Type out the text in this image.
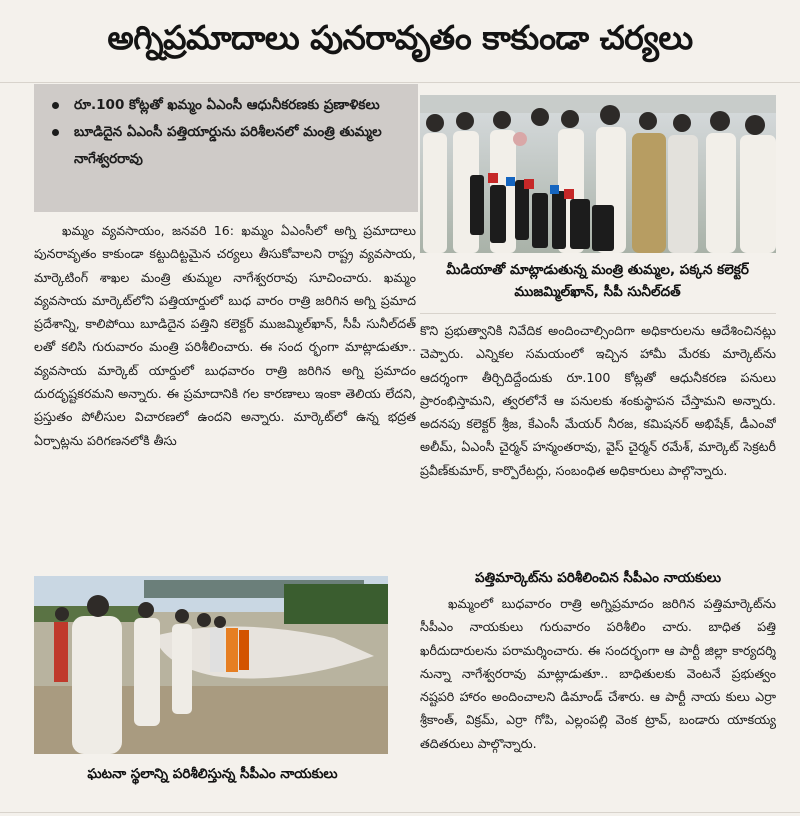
అగ్నిప్రమాదాలు పునరావృతం కాకుండా చర్యలు
రూ.100 కోట్లతో ఖమ్మం ఏఎంసీ ఆధునీకరణకు ప్రణాళికలు
బూడిదైన ఏఎంసీ పత్తియార్డును పరిశీలనలో మంత్రి తుమ్మల నాగేశ్వరరావు
మీడియాతో మాట్లాడుతున్న మంత్రి తుమ్మల, పక్కన కలెక్టర్ ముజమ్మిల్‌ఖాన్, సీపీ సునీల్‌దత్

ఖమ్మం వ్యవసాయం, జనవరి 16: ఖమ్మం ఏఎంసీలో అగ్ని ప్రమాదాలు పునరావృతం కాకుండా కట్టుదిట్టమైన చర్యలు తీసుకోవాలని రాష్ట్ర వ్యవసాయ, మార్కెటింగ్ శాఖల మంత్రి తుమ్మల నాగేశ్వరరావు సూచించారు. ఖమ్మం వ్యవసాయ మార్కెట్‌లోని పత్తియార్డులో బుధ వారం రాత్రి జరిగిన అగ్ని ప్రమాద ప్రదేశాన్ని, కాలిపోయి బూడిదైన పత్తిని కలెక్టర్ ముజమ్మిల్‌ఖాన్, సీపీ సునీల్‌దత్ లతో కలిసి గురువారం మంత్రి పరిశీలించారు. ఈ సంద ర్భంగా మాట్లాడుతూ.. వ్యవసాయ మార్కెట్ యార్డులో బుధవారం రాత్రి జరిగిన అగ్ని ప్రమాదం దురదృష్టకరమని అన్నారు. ఈ ప్రమాదానికి గల కారణాలు ఇంకా తెలియ లేదని, ప్రస్తుతం పోలీసుల విచారణలో ఉందని అన్నారు. మార్కెట్‌లో ఉన్న భద్రత ఏర్పాట్లను పరిగణనలోకి తీసు

కొని ప్రభుత్వానికి నివేదిక అందించాల్సిందిగా అధికారులను ఆదేశించినట్లు చెప్పారు. ఎన్నికల సమయంలో ఇచ్చిన హామీ మేరకు మార్కెట్‌ను ఆదర్శంగా తీర్చిదిద్దేందుకు రూ.100 కోట్లతో ఆధునీకరణ పనులు ప్రారంభిస్తామని, త్వరలోనే ఆ పనులకు శంకుస్థాపన చేస్తామని అన్నారు. అదనపు కలెక్టర్ శ్రీజ, కేఎంసీ మేయర్ నీరజ, కమిషనర్ అభిషేక్, డీఎంవో అలీమ్, ఏఎంసీ చైర్మన్ హన్మంతరావు, వైస్ చైర్మన్ రమేశ్, మార్కెట్ సెక్రటరీ ప్రవీణ్‌కుమార్, కార్పొరేటర్లు, సంబంధిత అధికారులు పాల్గొన్నారు.

పత్తిమార్కెట్‌ను పరిశీలించిన సీపీఎం నాయకులు

ఖమ్మంలో బుధవారం రాత్రి అగ్నిప్రమాదం జరిగిన పత్తిమార్కెట్‌ను సీపీఎం నాయకులు గురువారం పరిశీలిం చారు. బాధిత పత్తి ఖరీదుదారులను పరామర్శించారు. ఈ సందర్భంగా ఆ పార్టీ జిల్లా కార్యదర్శి నున్నా నాగేశ్వరరావు మాట్లాడుతూ.. బాధితులకు వెంటనే ప్రభుత్వం నష్టపరి హారం అందించాలని డిమాండ్ చేశారు. ఆ పార్టీ నాయ కులు ఎర్రా శ్రీకాంత్, విక్రమ్, ఎర్రా గోపి, ఎల్లంపల్లి వెంక ట్రావ్, బండారు యాకయ్య తదితరులు పాల్గొన్నారు.

ఘటనా స్థలాన్ని పరిశీలిస్తున్న సీపీఎం నాయకులు
